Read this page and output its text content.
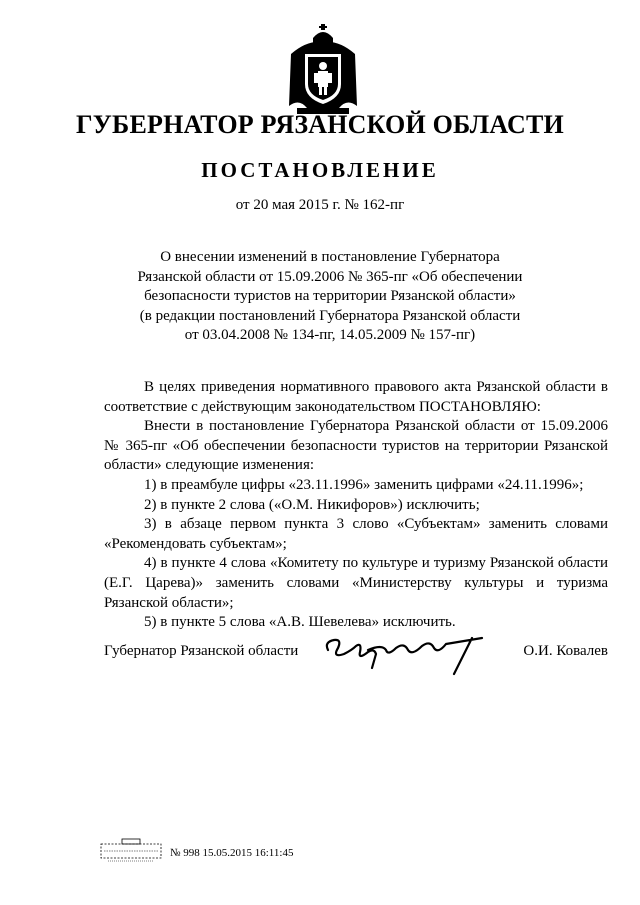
ГУБЕРНАТОР РЯЗАНСКОЙ ОБЛАСТИ
ПОСТАНОВЛЕНИЕ
от 20 мая 2015 г. № 162-пг
О внесении изменений в постановление Губернатора
Рязанской области от 15.09.2006 № 365-пг «Об обеспечении
безопасности туристов на территории Рязанской области»
(в редакции постановлений Губернатора Рязанской области
от 03.04.2008 № 134-пг, 14.05.2009 № 157-пг)

В целях приведения нормативного правового акта Рязанской области в соответствие с действующим законодательством ПОСТАНОВЛЯЮ:

Внести в постановление Губернатора Рязанской области от 15.09.2006 № 365-пг «Об обеспечении безопасности туристов на территории Рязанской области» следующие изменения:

1) в преамбуле цифры «23.11.1996» заменить цифрами «24.11.1996»;

2) в пункте 2 слова («О.М. Никифоров») исключить;

3) в абзаце первом пункта 3 слово «Субъектам» заменить словами «Рекомендовать субъектам»;

4) в пункте 4 слова «Комитету по культуре и туризму Рязанской области (Е.Г. Царева)» заменить словами «Министерству культуры и туризма Рязанской области»;

5) в пункте 5 слова «А.В. Шевелева» исключить.

Губернатор Рязанской области	О.И. Ковалев
№ 998 15.05.2015 16:11:45
